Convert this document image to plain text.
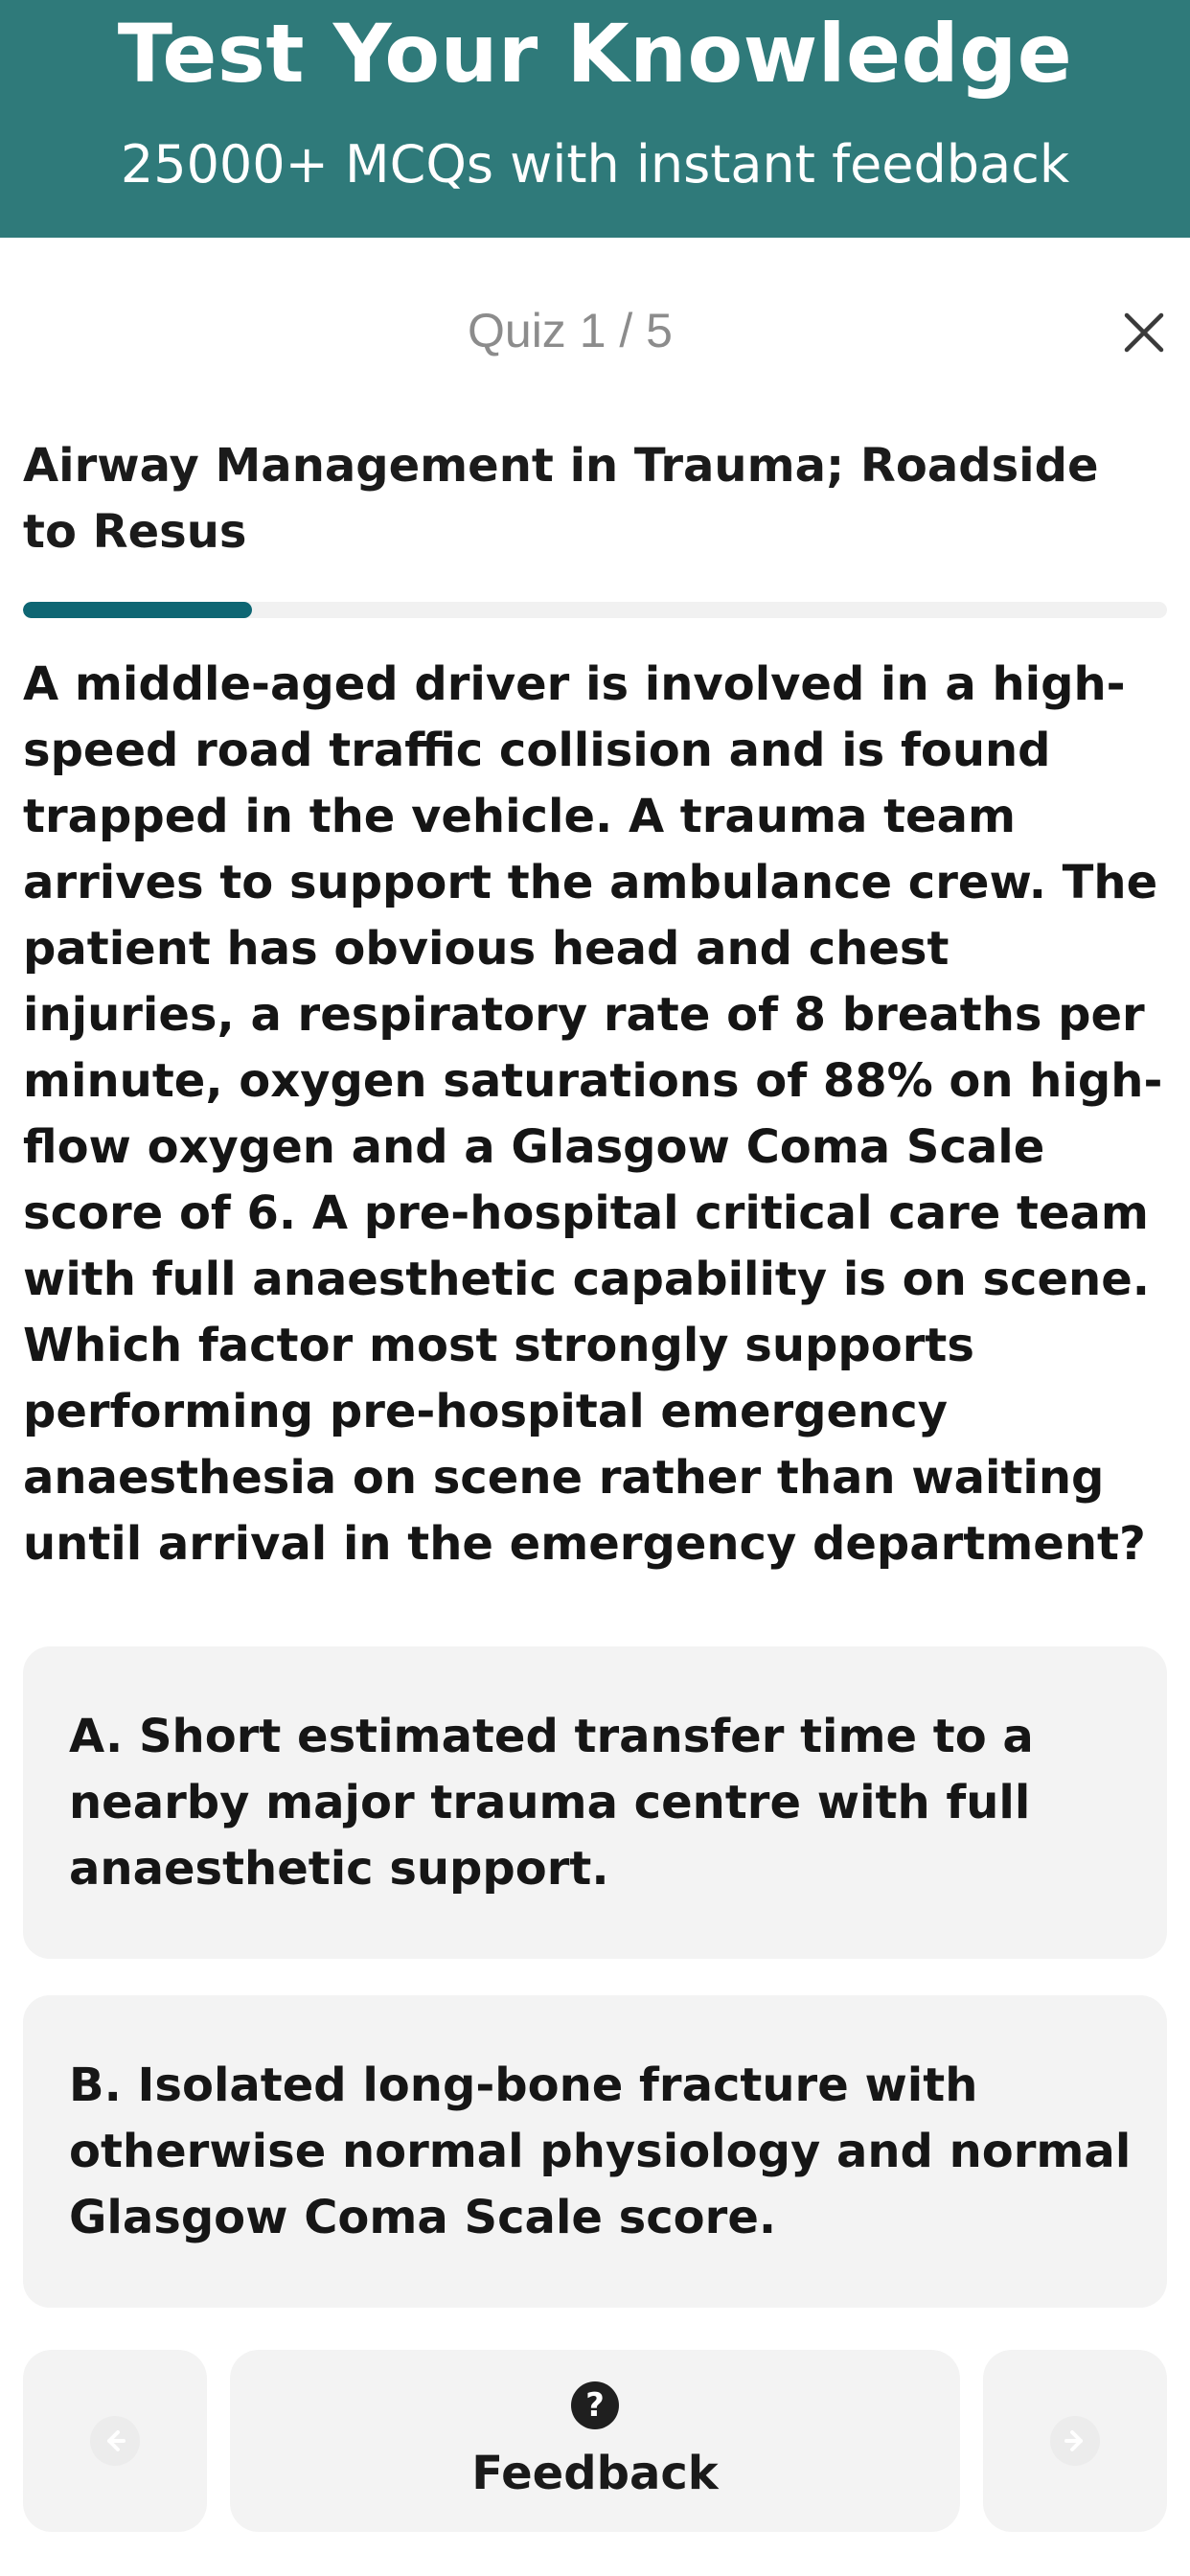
Test Your Knowledge
25000+ MCQs with instant feedback
Quiz 1 / 5
Airway Management in Trauma; Roadside to Resus
A middle-aged driver is involved in a high-speed road traffic collision and is found trapped in the vehicle. A trauma team arrives to support the ambulance crew. The patient has obvious head and chest injuries, a respiratory rate of 8 breaths per minute, oxygen saturations of 88% on high-flow oxygen and a Glasgow Coma Scale score of 6. A pre-hospital critical care team with full anaesthetic capability is on scene. Which factor most strongly supports performing pre-hospital emergency anaesthesia on scene rather than waiting until arrival in the emergency department?
A. Short estimated transfer time to a nearby major trauma centre with full anaesthetic support.
B. Isolated long-bone fracture with otherwise normal physiology and normal Glasgow Coma Scale score.
?
Feedback
